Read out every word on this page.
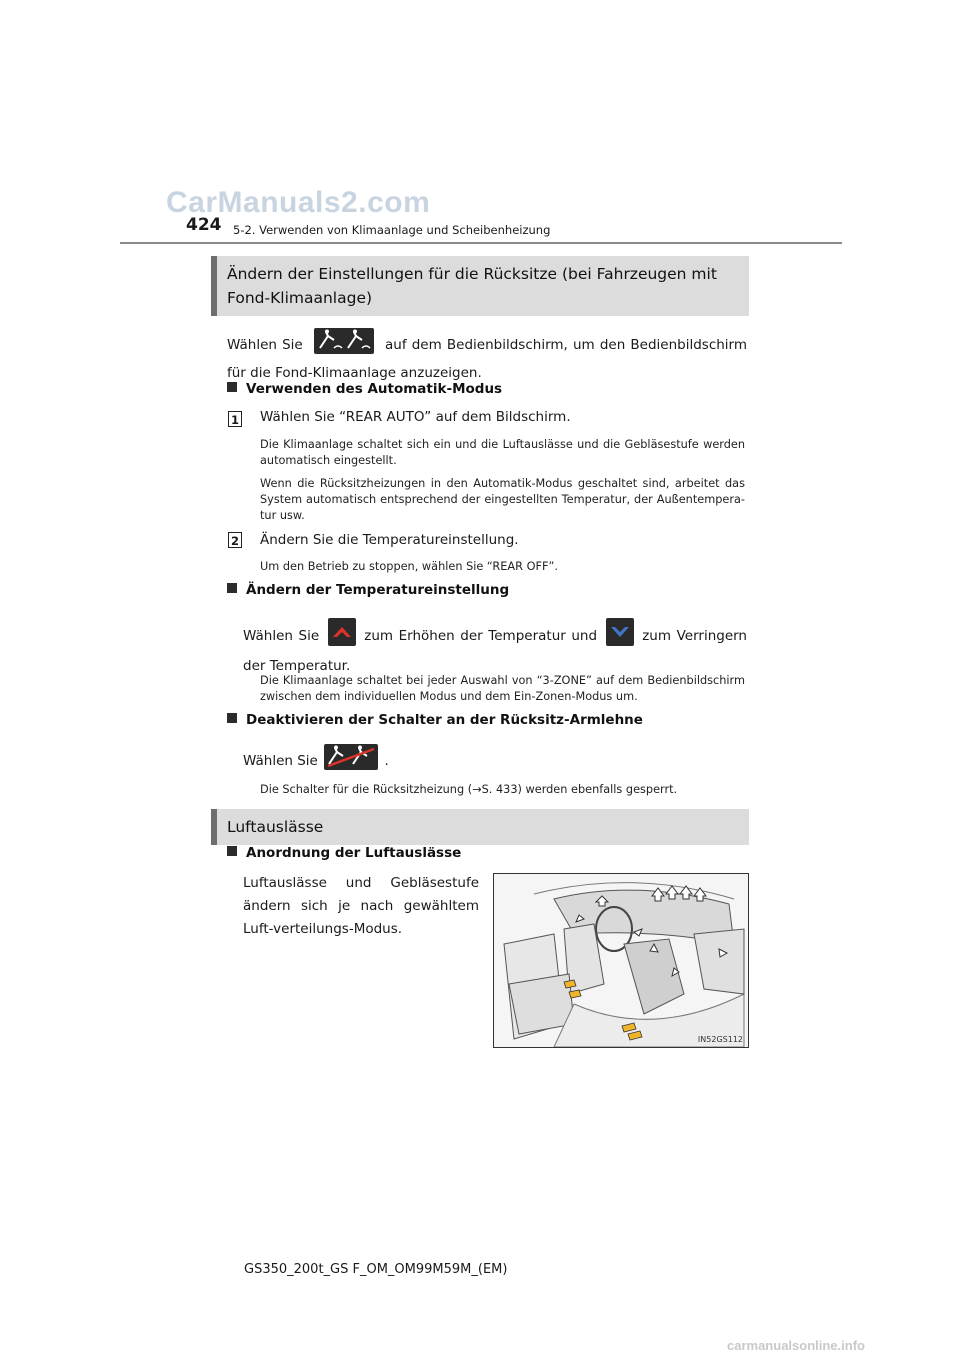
CarManuals2.com
424 5-2. Verwenden von Klimaanlage und Scheibenheizung
Ändern der Einstellungen für die Rücksitze (bei Fahrzeugen mit Fond-Klimaanlage)
Wählen Sie	auf dem Bedienbildschirm, um den Bedienbildschirm für die Fond-Klimaanlage anzuzeigen.
Verwenden des Automatik-Modus
1 Wählen Sie “REAR AUTO” auf dem Bildschirm.
Die Klimaanlage schaltet sich ein und die Luftauslässe und die Gebläsestufe werden automatisch eingestellt.
Wenn die Rücksitzheizungen in den Automatik-Modus geschaltet sind, arbeitet das System automatisch entsprechend der eingestellten Temperatur, der Außentempera-tur usw.
2 Ändern Sie die Temperatureinstellung.
Um den Betrieb zu stoppen, wählen Sie “REAR OFF”.
Ändern der Temperatureinstellung
Wählen Sie	zum Erhöhen der Temperatur und	zum Verringern der Temperatur.
Die Klimaanlage schaltet bei jeder Auswahl von “3-ZONE” auf dem Bedienbildschirm zwischen dem individuellen Modus und dem Ein-Zonen-Modus um.
Deaktivieren der Schalter an der Rücksitz-Armlehne
Wählen Sie	.
Die Schalter für die Rücksitzheizung (→S. 433) werden ebenfalls gesperrt.
Luftauslässe
Anordnung der Luftauslässe
Luftauslässe und Gebläsestufe ändern sich je nach gewähltem Luft-verteilungs-Modus.
IN52GS112
GS350_200t_GS F_OM_OM99M59M_(EM)
carmanualsonline.info
